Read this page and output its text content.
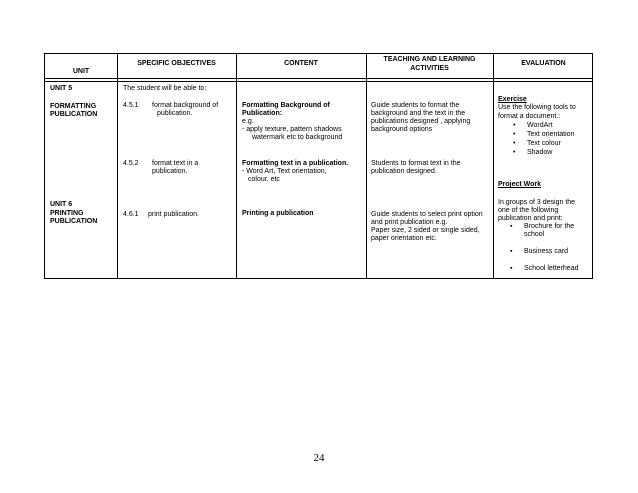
UNIT
SPECIFIC OBJECTIVES	CONTENT
TEACHING AND LEARNING
ACTIVITIES
EVALUATION
UNIT 5
FORMATTING
PUBLICATION
UNIT 6
PRINTING
PUBLICATION
The student will be able to:
4.5.1 format background of
publication.
4.5.2 format text in a
publication.
4.6.1 print publication.
Formatting Background of
Publication:
e.g.
- apply texture, pattern shadows
watermark etc to background
Formatting text in a publication.
- Word Art, Text orientation,
colour. etc
Printing a publication
Guide students to format the
background and the text in the
publications designed , applying
background options
Students to format text in the
publication designed.
Guide students to select print option
and print publication e.g.
Paper size, 2 sided or single sided,
paper orientation etc.
Exercise
Use the following tools to
format a document.:
• WordArt
• Text orientation
• Text colour
• Shadow
Project Work
In groups of 3 design the
one of the following
publication and print:
▪ Brochure for the
school
▪ Business card
▪ School letterhead
24
